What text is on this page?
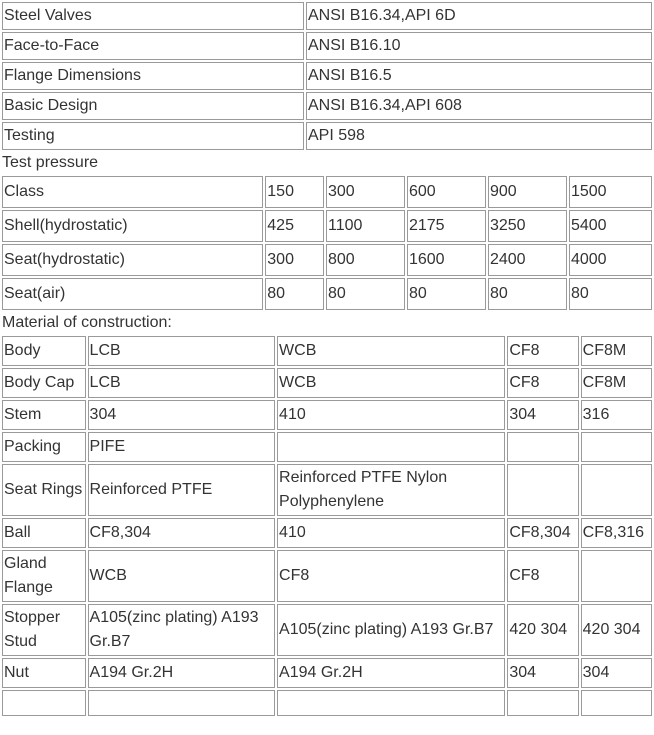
Steel Valves	ANSI B16.34,API 6D
Face-to-Face	ANSI B16.10
Flange Dimensions	ANSI B16.5
Basic Design	ANSI B16.34,API 608
Testing	API 598
Test pressure
Class	150	300	600	900	1500
Shell(hydrostatic)	425	1100	2175	3250	5400
Seat(hydrostatic)	300	800	1600	2400	4000
Seat(air)	80	80	80	80	80
Material of construction:
Body	LCB	WCB	CF8	CF8M
Body Cap	LCB	WCB	CF8	CF8M
Stem	304	410	304	316
Packing	PIFE			
Seat Rings	Reinforced PTFE	Reinforced PTFE Nylon Polyphenylene		
Ball	CF8,304	410	CF8,304	CF8,316
Gland Flange	WCB	CF8	CF8	
Stopper Stud	A105(zinc plating) A193 Gr.B7	A105(zinc plating) A193 Gr.B7	420 304	420 304
Nut	A194 Gr.2H	A194 Gr.2H	304	304
